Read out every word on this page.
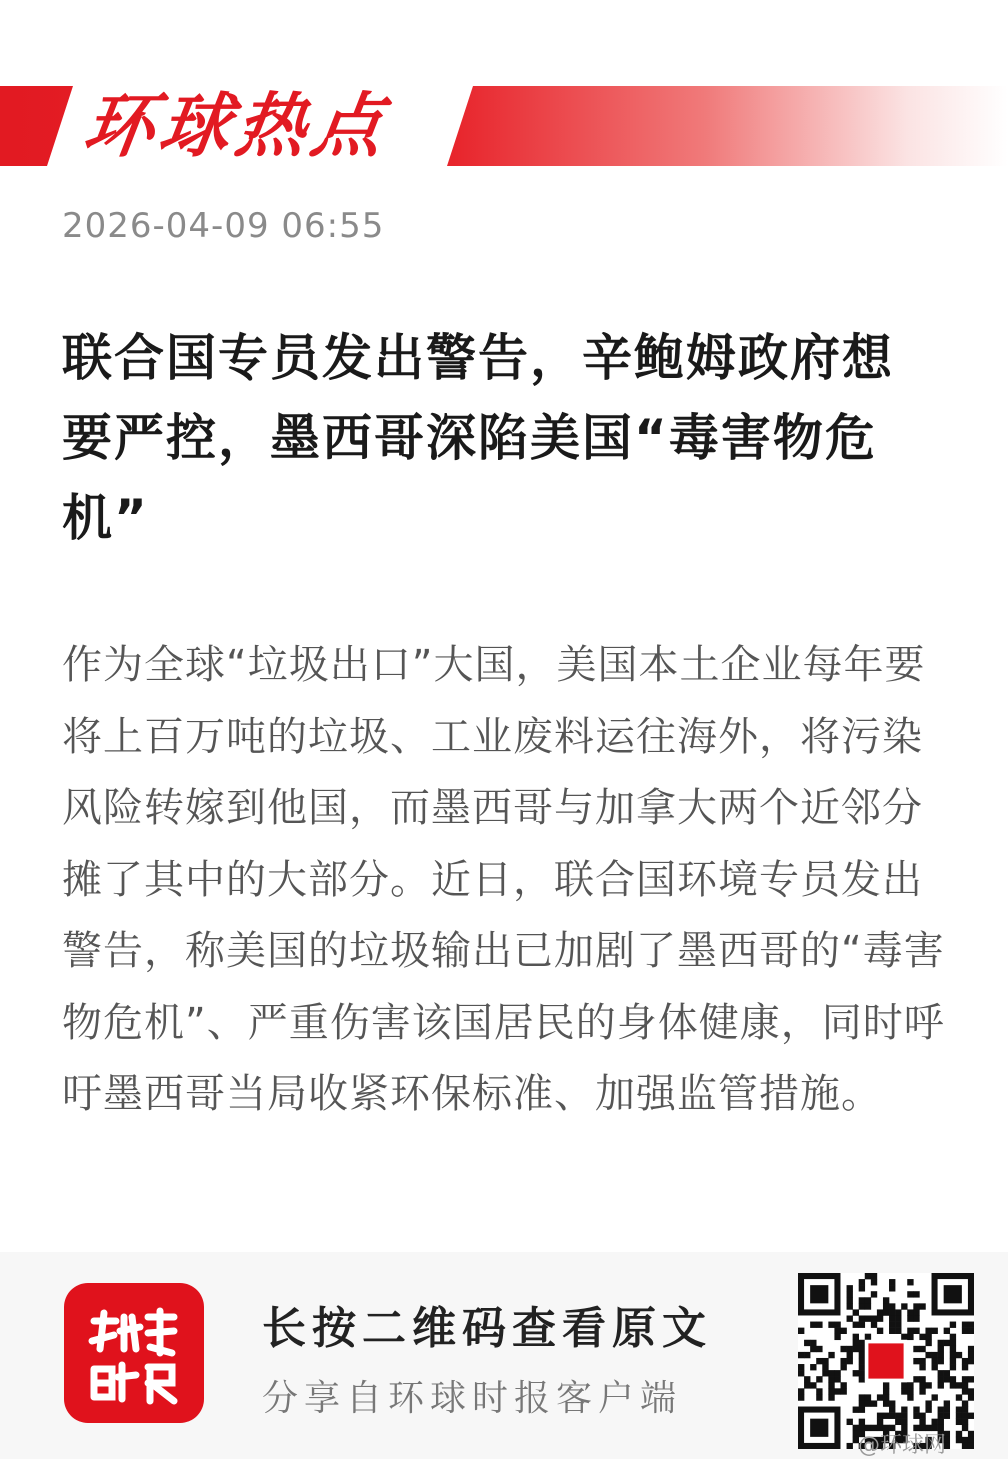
环球热点
2026-04-09 06:55
联合国专员发出警告，辛鲍姆政府想要严控，墨西哥深陷美国“毒害物危机”
作为全球“垃圾出口”大国，美国本土企业每年要将上百万吨的垃圾、工业废料运往海外，将污染风险转嫁到他国，而墨西哥与加拿大两个近邻分摊了其中的大部分。近日，联合国环境专员发出警告，称美国的垃圾输出已加剧了墨西哥的“毒害物危机”、严重伤害该国居民的身体健康，同时呼吁墨西哥当局收紧环保标准、加强监管措施。
长按二维码查看原文
分享自环球时报客户端
@环球网
